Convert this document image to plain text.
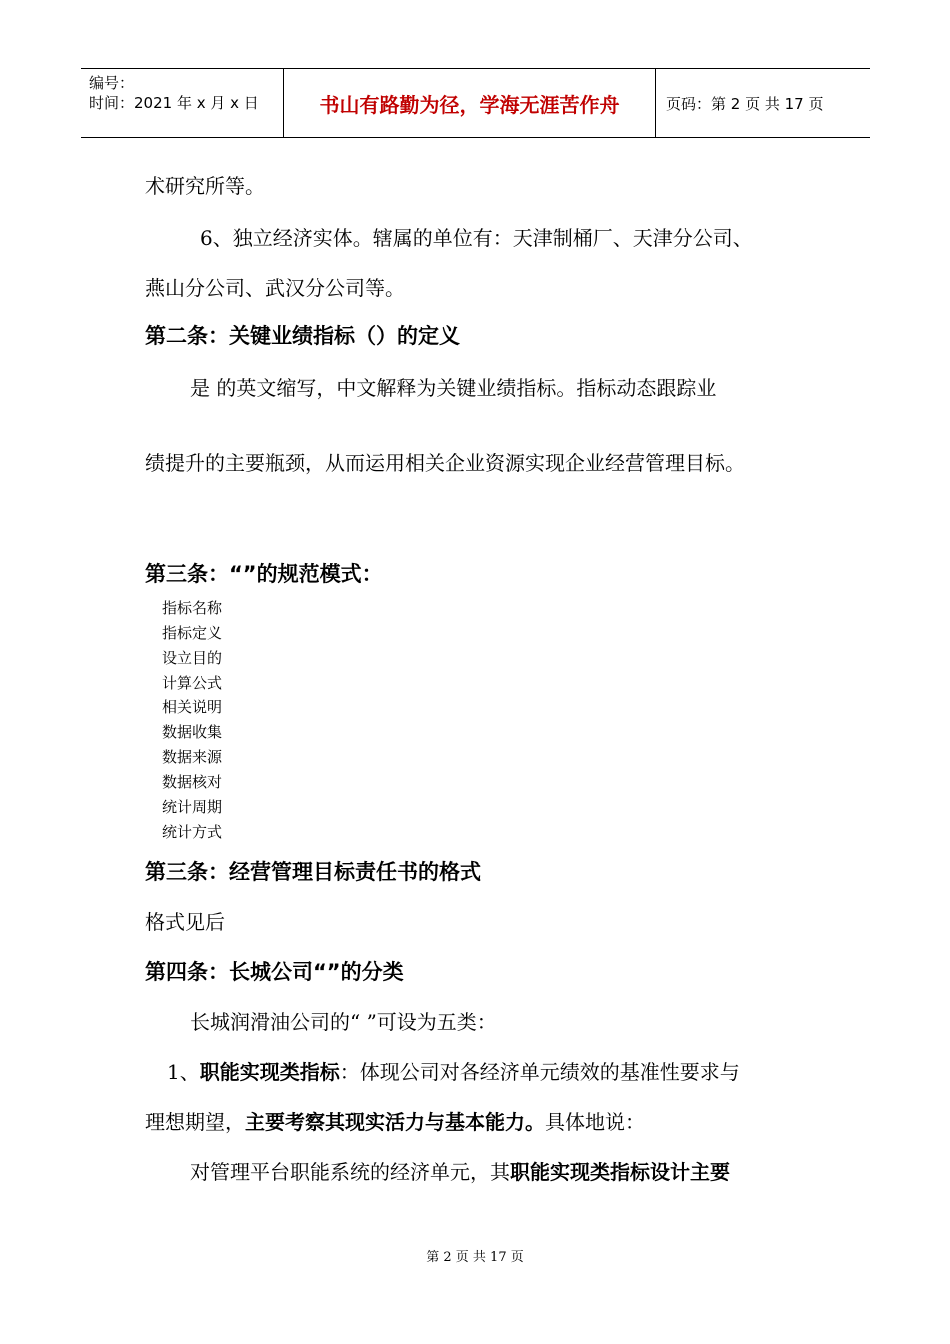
编号：
时间：2021 年 x 月 x 日	书山有路勤为径，学海无涯苦作舟	页码：第 2 页 共 17 页
术研究所等。
6、独立经济实体。辖属的单位有：天津制桶厂、天津分公司、
燕山分公司、武汉分公司等。
第二条：关键业绩指标（）的定义
是 的英文缩写，中文解释为关键业绩指标。指标动态跟踪业
绩提升的主要瓶颈，从而运用相关企业资源实现企业经营管理目标。
第三条：“”的规范模式：
指标名称
指标定义
设立目的
计算公式
相关说明
数据收集
数据来源
数据核对
统计周期
统计方式
第三条：经营管理目标责任书的格式
格式见后
第四条：长城公司“”的分类
长城润滑油公司的“ ”可设为五类：
1、职能实现类指标：体现公司对各经济单元绩效的基准性要求与
理想期望，主要考察其现实活力与基本能力。具体地说：
对管理平台职能系统的经济单元，其职能实现类指标设计主要
第 2 页 共 17 页
